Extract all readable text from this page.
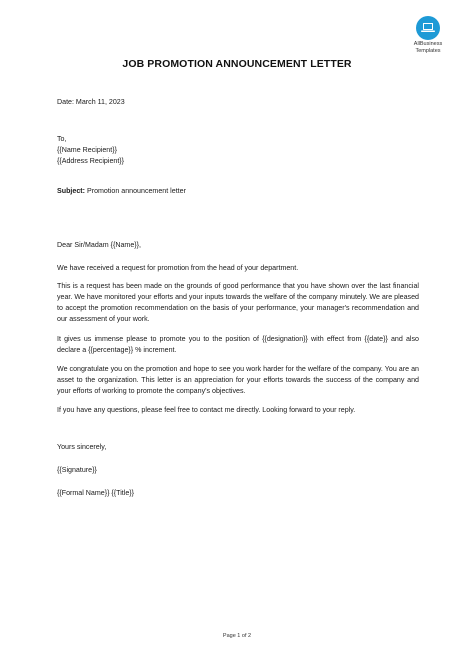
AllBusiness
Templates
JOB PROMOTION ANNOUNCEMENT LETTER
Date: March 11, 2023
To,
{{Name Recipient}}
{{Address Recipient}}
Subject: Promotion announcement letter
Dear Sir/Madam {{Name}},
We have received a request for promotion from the head of your department.
This is a request has been made on the grounds of good performance that you have shown over the last financial year. We have monitored your efforts and your inputs towards the welfare of the company minutely. We are pleased to accept the promotion recommendation on the basis of your performance, your manager's recommendation and our assessment of your work.
It gives us immense please to promote you to the position of {{designation}} with effect from {{date}} and also declare a {{percentage}} % increment.
We congratulate you on the promotion and hope to see you work harder for the welfare of the company. You are an asset to the organization. This letter is an appreciation for your efforts towards the success of the company and your efforts of working to promote the company's objectives.
If you have any questions, please feel free to contact me directly. Looking forward to your reply.
Yours sincerely,
{{Signature}}
{{Formal Name}} {{Title}}
Page 1 of 2
